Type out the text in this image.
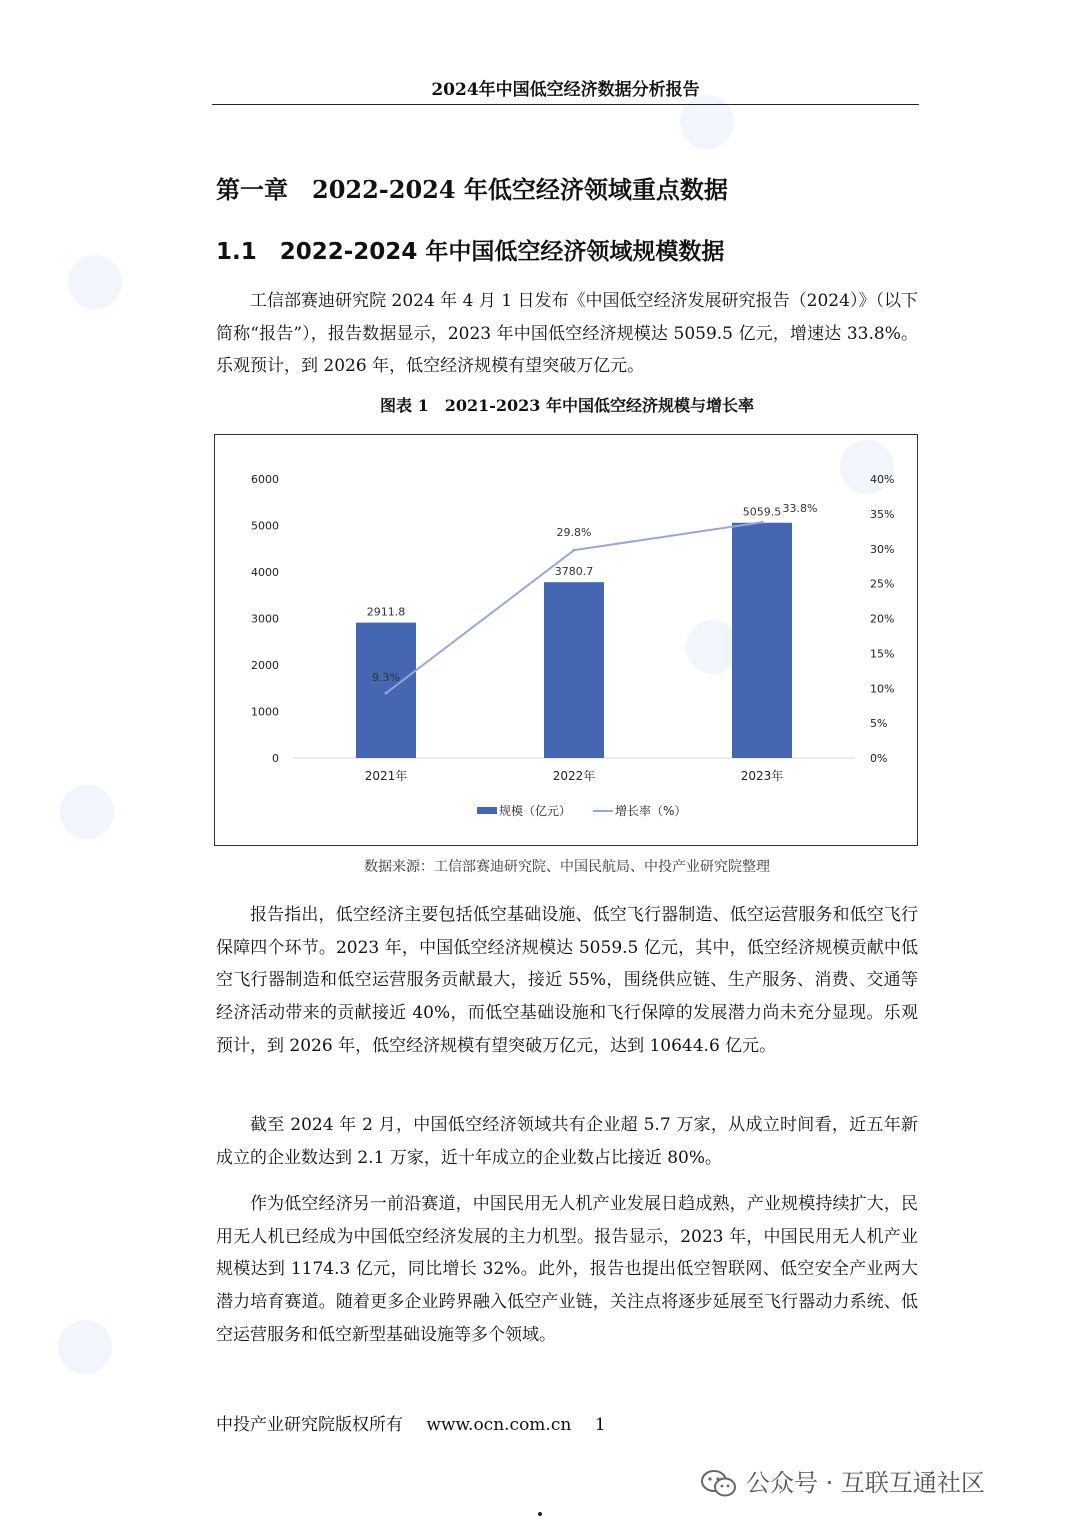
2024年中国低空经济数据分析报告
第一章　2022-2024 年低空经济领域重点数据
1.1　2022-2024 年中国低空经济领域规模数据

工信部赛迪研究院 2024 年 4 月 1 日发布《中国低空经济发展研究报告（2024）》（以下简称“报告”），报告数据显示，2023 年中国低空经济规模达 5059.5 亿元，增速达 33.8%。乐观预计，到 2026 年，低空经济规模有望突破万亿元。

图表 1　2021-2023 年中国低空经济规模与增长率
0
1000
2000
3000
4000
5000
6000
0%
5%
10%
15%
20%
25%
30%
35%
40%
2911.8
3780.7
5059.5
2021年	2022年	2023年
9.3%
29.8%
33.8%
规模（亿元）	增长率（%）
数据来源：工信部赛迪研究院、中国民航局、中投产业研究院整理

报告指出，低空经济主要包括低空基础设施、低空飞行器制造、低空运营服务和低空飞行保障四个环节。2023 年，中国低空经济规模达 5059.5 亿元，其中，低空经济规模贡献中低空飞行器制造和低空运营服务贡献最大，接近 55%，围绕供应链、生产服务、消费、交通等经济活动带来的贡献接近 40%，而低空基础设施和飞行保障的发展潜力尚未充分显现。乐观预计，到 2026 年，低空经济规模有望突破万亿元，达到 10644.6 亿元。

截至 2024 年 2 月，中国低空经济领域共有企业超 5.7 万家，从成立时间看，近五年新成立的企业数达到 2.1 万家，近十年成立的企业数占比接近 80%。

作为低空经济另一前沿赛道，中国民用无人机产业发展日趋成熟，产业规模持续扩大，民用无人机已经成为中国低空经济发展的主力机型。报告显示，2023 年，中国民用无人机产业规模达到 1174.3 亿元，同比增长 32%。此外，报告也提出低空智联网、低空安全产业两大潜力培育赛道。随着更多企业跨界融入低空产业链，关注点将逐步延展至飞行器动力系统、低空运营服务和低空新型基础设施等多个领域。

中投产业研究院版权所有 www.ocn.com.cn 1
公众号 · 互联互通社区
